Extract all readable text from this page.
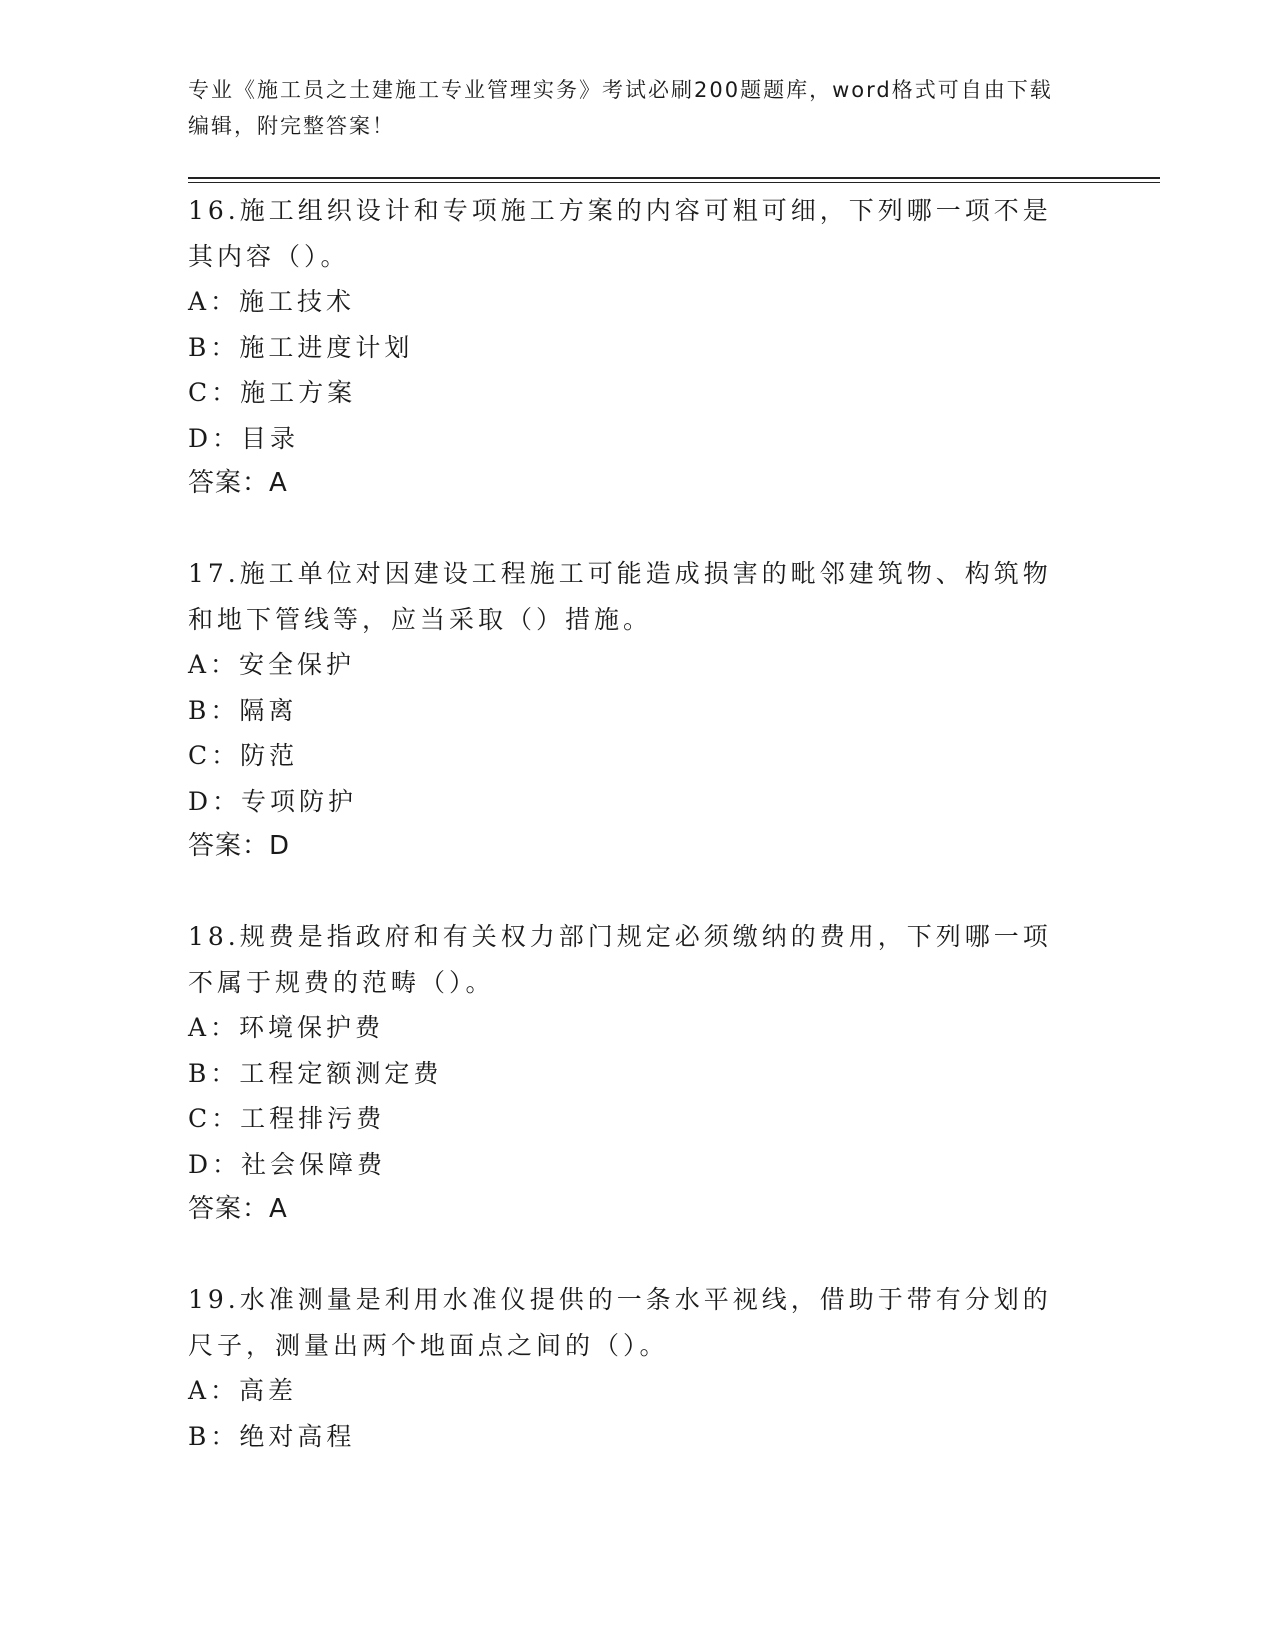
专业《施工员之土建施工专业管理实务》考试必刷200题题库，word格式可自由下载编辑，附完整答案！
16.施工组织设计和专项施工方案的内容可粗可细，下列哪一项不是其内容（）。
A：施工技术
B：施工进度计划
C：施工方案
D：目录
答案：A
17.施工单位对因建设工程施工可能造成损害的毗邻建筑物、构筑物和地下管线等，应当采取（）措施。
A：安全保护
B：隔离
C：防范
D：专项防护
答案：D
18.规费是指政府和有关权力部门规定必须缴纳的费用，下列哪一项不属于规费的范畴（）。
A：环境保护费
B：工程定额测定费
C：工程排污费
D：社会保障费
答案：A
19.水准测量是利用水准仪提供的一条水平视线，借助于带有分划的尺子，测量出两个地面点之间的（）。
A：高差
B：绝对高程
